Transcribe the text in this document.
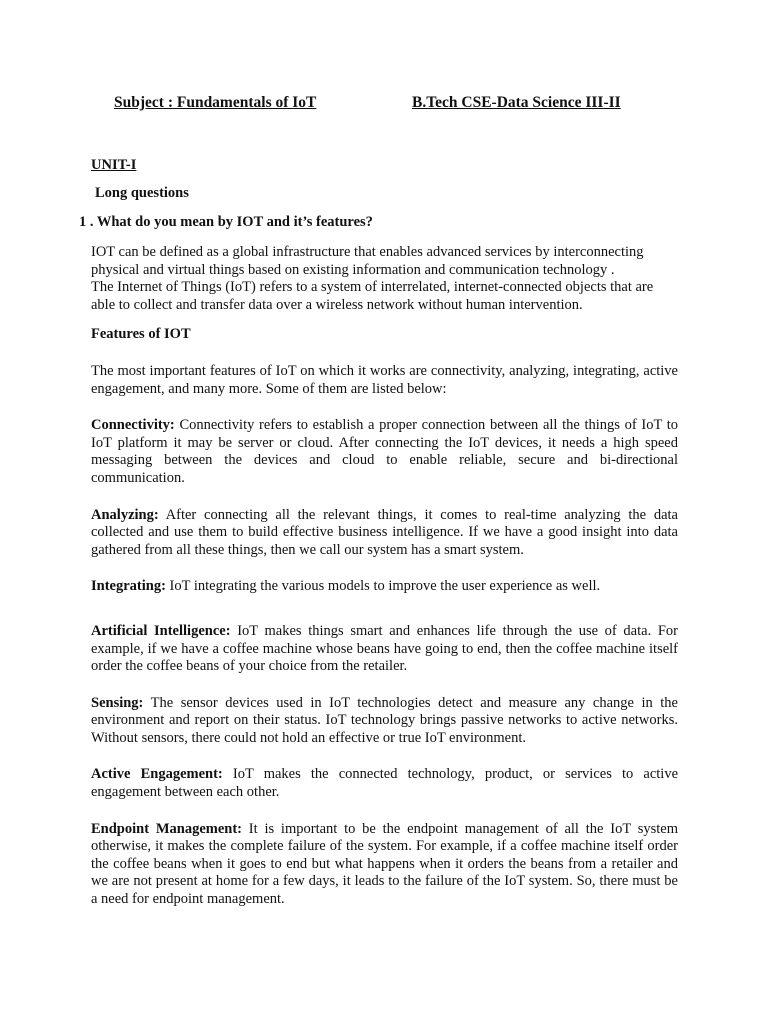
Subject : Fundamentals of IoT	B.Tech CSE-Data Science III-II
UNIT-I
Long questions
1 . What do you mean by IOT and it’s features?

IOT can be defined as a global infrastructure that enables advanced services by interconnecting physical and virtual things based on existing information and communication technology .
The Internet of Things (IoT) refers to a system of interrelated, internet-connected objects that are able to collect and transfer data over a wireless network without human intervention.

Features of IOT

The most important features of IoT on which it works are connectivity, analyzing, integrating, active engagement, and many more. Some of them are listed below:

Connectivity: Connectivity refers to establish a proper connection between all the things of IoT to IoT platform it may be server or cloud. After connecting the IoT devices, it needs a high speed messaging between the devices and cloud to enable reliable, secure and bi-directional communication.

Analyzing: After connecting all the relevant things, it comes to real-time analyzing the data collected and use them to build effective business intelligence. If we have a good insight into data gathered from all these things, then we call our system has a smart system.

Integrating: IoT integrating the various models to improve the user experience as well.

Artificial Intelligence: IoT makes things smart and enhances life through the use of data. For example, if we have a coffee machine whose beans have going to end, then the coffee machine itself order the coffee beans of your choice from the retailer.

Sensing: The sensor devices used in IoT technologies detect and measure any change in the environment and report on their status. IoT technology brings passive networks to active networks. Without sensors, there could not hold an effective or true IoT environment.

Active Engagement: IoT makes the connected technology, product, or services to active engagement between each other.

Endpoint Management: It is important to be the endpoint management of all the IoT system otherwise, it makes the complete failure of the system. For example, if a coffee machine itself order the coffee beans when it goes to end but what happens when it orders the beans from a retailer and we are not present at home for a few days, it leads to the failure of the IoT system. So, there must be a need for endpoint management.
